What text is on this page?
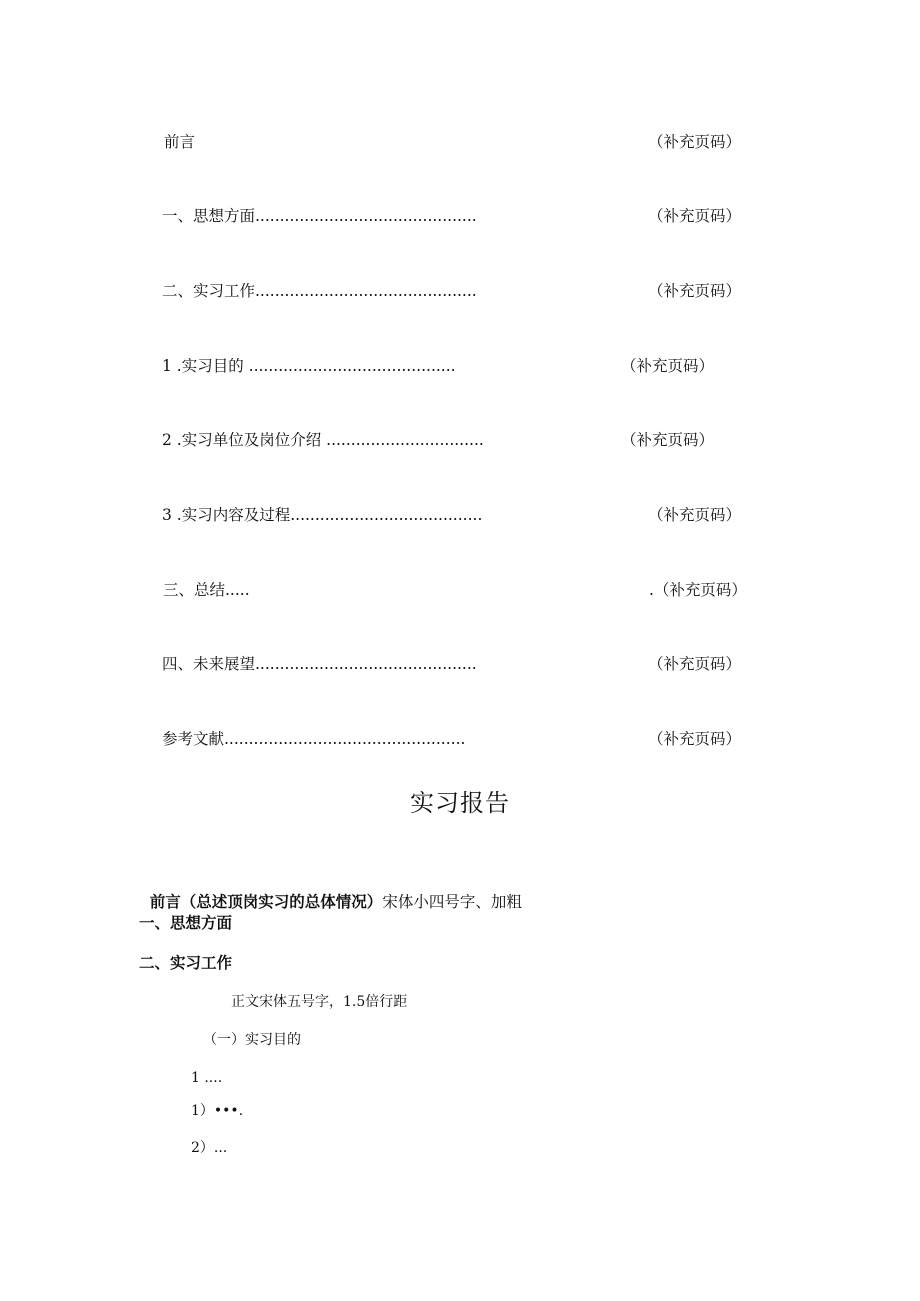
前言	（补充页码）
一、思想方面.............................................	（补充页码）
二、实习工作.............................................	（补充页码）
1 .实习目的 ..........................................	（补充页码）
2 .实习单位及岗位介绍 ................................	（补充页码）
3 .实习内容及过程.......................................	（补充页码）
三、总结.....	.（补充页码）
四、未来展望.............................................	（补充页码）
参考文献.................................................	（补充页码）
实习报告

前言（总述顶岗实习的总体情况）宋体小四号字、加粗

一、思想方面
二、实习工作
正文宋体五号字，1.5倍行距
（一）实习目的
1 ....
1）•••.
2）...
